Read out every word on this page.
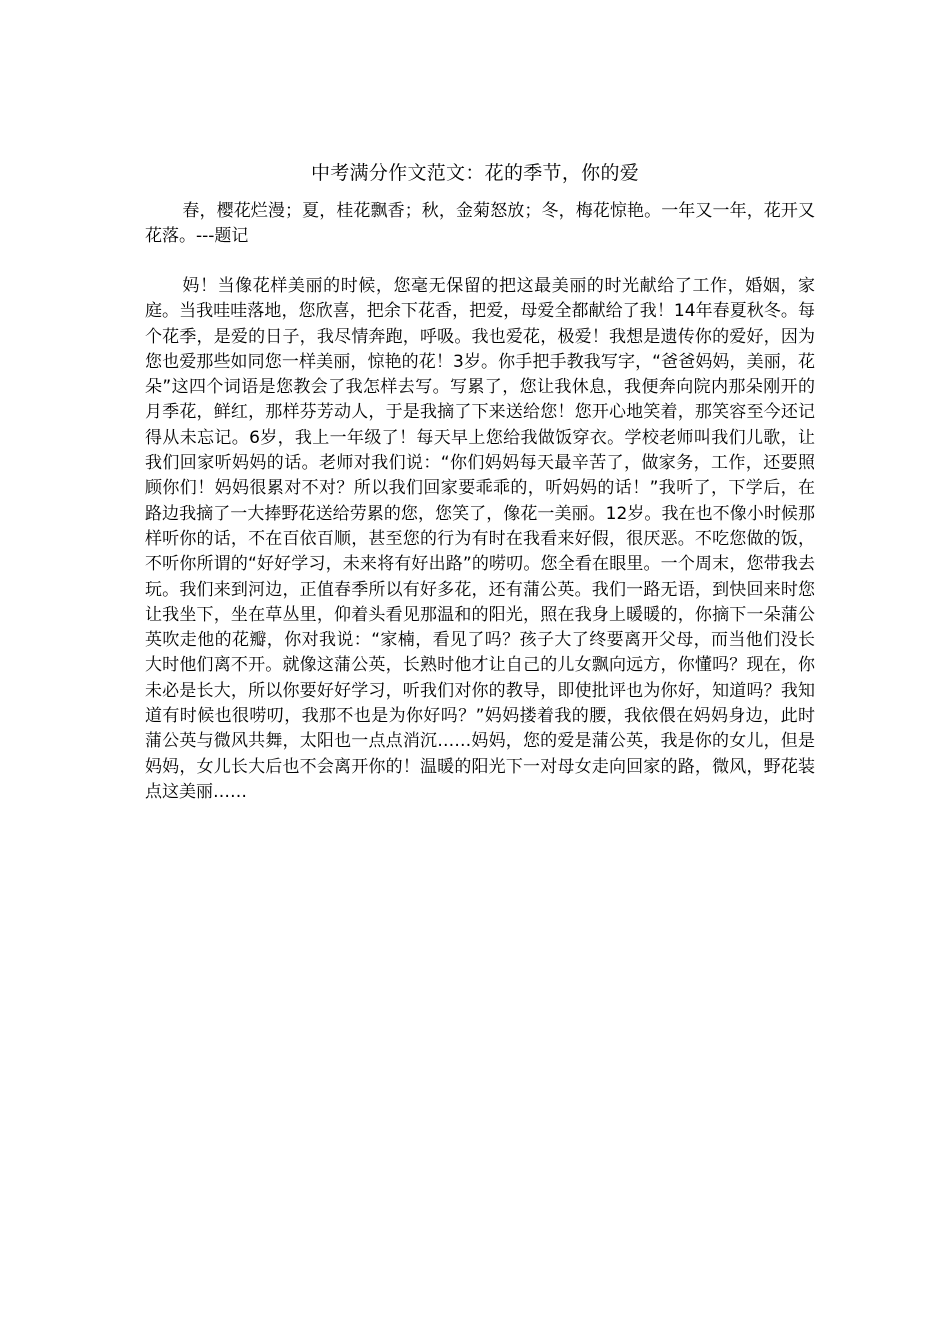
中考满分作文范文：花的季节，你的爱

春，樱花烂漫；夏，桂花飘香；秋，金菊怒放；冬，梅花惊艳。一年又一年，花开又花落。---题记

妈！当像花样美丽的时候，您毫无保留的把这最美丽的时光献给了工作，婚姻，家庭。当我哇哇落地，您欣喜，把余下花香，把爱，母爱全都献给了我！14年春夏秋冬。每个花季，是爱的日子，我尽情奔跑，呼吸。我也爱花，极爱！我想是遗传你的爱好，因为您也爱那些如同您一样美丽，惊艳的花！3岁。你手把手教我写字，“爸爸妈妈，美丽，花朵”这四个词语是您教会了我怎样去写。写累了，您让我休息，我便奔向院内那朵刚开的月季花，鲜红，那样芬芳动人，于是我摘了下来送给您！您开心地笑着，那笑容至今还记得从未忘记。6岁，我上一年级了！每天早上您给我做饭穿衣。学校老师叫我们儿歌，让我们回家听妈妈的话。老师对我们说：“你们妈妈每天最辛苦了，做家务，工作，还要照顾你们！妈妈很累对不对？所以我们回家要乖乖的，听妈妈的话！”我听了，下学后，在路边我摘了一大捧野花送给劳累的您，您笑了，像花一美丽。12岁。我在也不像小时候那样听你的话，不在百依百顺，甚至您的行为有时在我看来好假，很厌恶。不吃您做的饭，不听你所谓的“好好学习，未来将有好出路”的唠叨。您全看在眼里。一个周末，您带我去玩。我们来到河边，正值春季所以有好多花，还有蒲公英。我们一路无语，到快回来时您让我坐下，坐在草丛里，仰着头看见那温和的阳光，照在我身上暖暖的，你摘下一朵蒲公英吹走他的花瓣，你对我说：“家楠，看见了吗？孩子大了终要离开父母，而当他们没长大时他们离不开。就像这蒲公英，长熟时他才让自己的儿女飘向远方，你懂吗？现在，你未必是长大，所以你要好好学习，听我们对你的教导，即使批评也为你好，知道吗？我知道有时候也很唠叨，我那不也是为你好吗？”妈妈搂着我的腰，我依偎在妈妈身边，此时蒲公英与微风共舞，太阳也一点点消沉……妈妈，您的爱是蒲公英，我是你的女儿，但是妈妈，女儿长大后也不会离开你的！温暖的阳光下一对母女走向回家的路，微风，野花装点这美丽……
